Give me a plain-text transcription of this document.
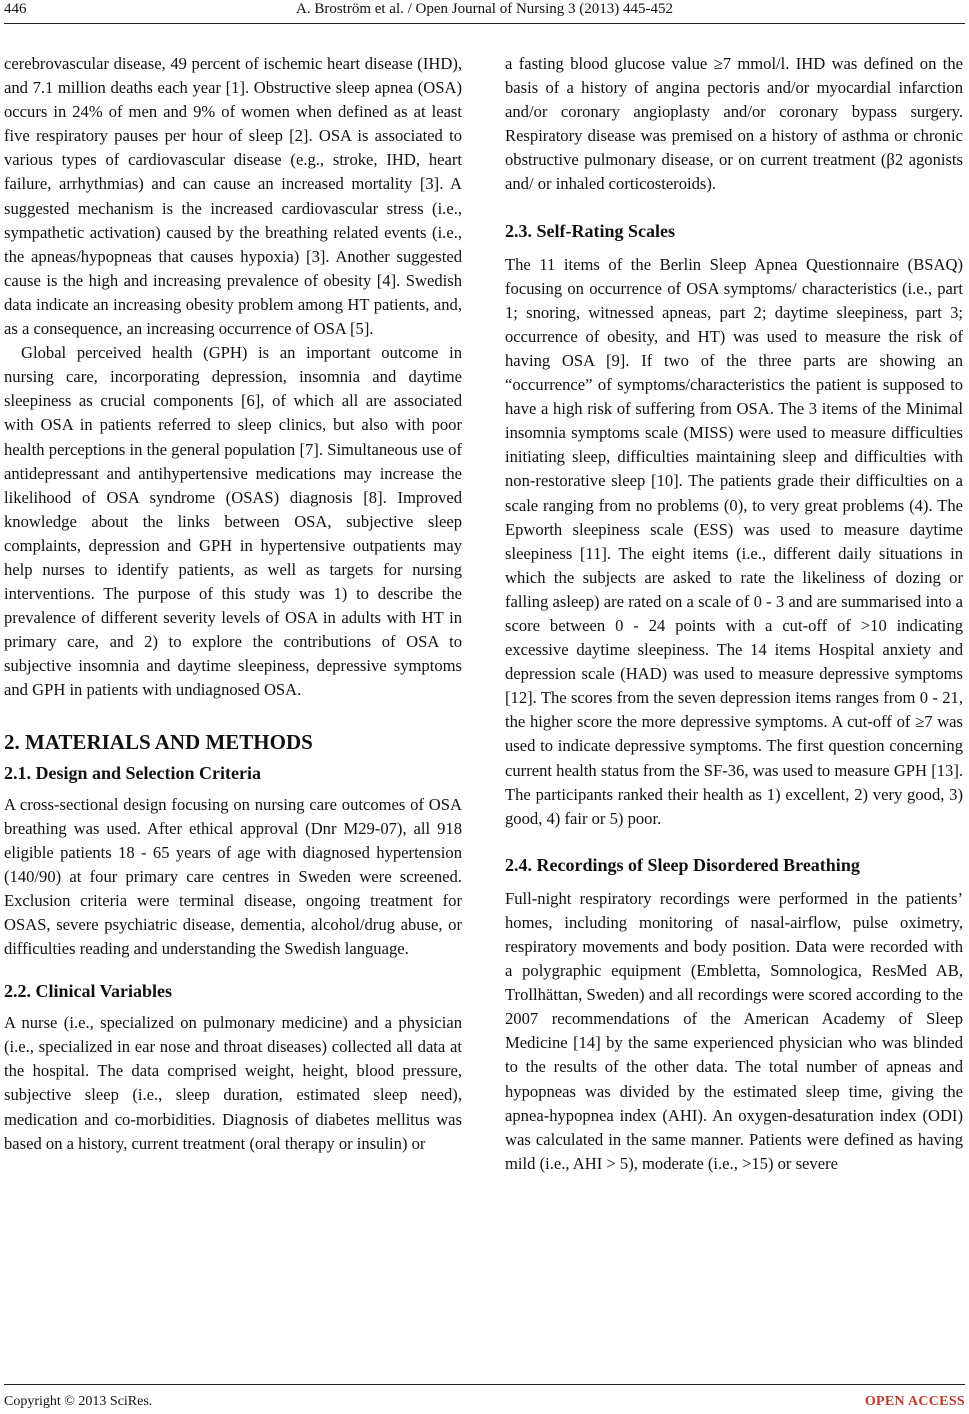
446	A. Broström et al. / Open Journal of Nursing 3 (2013) 445-452

cerebrovascular disease, 49 percent of ischemic heart disease (IHD), and 7.1 million deaths each year [1]. Obstructive sleep apnea (OSA) occurs in 24% of men and 9% of women when defined as at least five respiratory pauses per hour of sleep [2]. OSA is associated to various types of cardiovascular disease (e.g., stroke, IHD, heart failure, arrhythmias) and can cause an increased mortality [3]. A suggested mechanism is the increased cardiovascular stress (i.e., sympathetic activation) caused by the breathing related events (i.e., the apneas/hypopneas that causes hypoxia) [3]. Another suggested cause is the high and increasing prevalence of obesity [4]. Swedish data indicate an increasing obesity problem among HT patients, and, as a consequence, an increasing occurrence of OSA [5].

Global perceived health (GPH) is an important outcome in nursing care, incorporating depression, insomnia and daytime sleepiness as crucial components [6], of which all are associated with OSA in patients referred to sleep clinics, but also with poor health perceptions in the general population [7]. Simultaneous use of antidepressant and antihypertensive medications may increase the likelihood of OSA syndrome (OSAS) diagnosis [8]. Improved knowledge about the links between OSA, subjective sleep complaints, depression and GPH in hypertensive outpatients may help nurses to identify patients, as well as targets for nursing interventions. The purpose of this study was 1) to describe the prevalence of different severity levels of OSA in adults with HT in primary care, and 2) to explore the contributions of OSA to subjective insomnia and daytime sleepiness, depressive symptoms and GPH in patients with undiagnosed OSA.

2. MATERIALS AND METHODS
2.1. Design and Selection Criteria

A cross-sectional design focusing on nursing care outcomes of OSA breathing was used. After ethical approval (Dnr M29-07), all 918 eligible patients 18 - 65 years of age with diagnosed hypertension (140/90) at four primary care centres in Sweden were screened. Exclusion criteria were terminal disease, ongoing treatment for OSAS, severe psychiatric disease, dementia, alcohol/drug abuse, or difficulties reading and understanding the Swedish language.

2.2. Clinical Variables

A nurse (i.e., specialized on pulmonary medicine) and a physician (i.e., specialized in ear nose and throat diseases) collected all data at the hospital. The data comprised weight, height, blood pressure, subjective sleep (i.e., sleep duration, estimated sleep need), medication and co-morbidities. Diagnosis of diabetes mellitus was based on a history, current treatment (oral therapy or insulin) or

a fasting blood glucose value ≥7 mmol/l. IHD was defined on the basis of a history of angina pectoris and/or myocardial infarction and/or coronary angioplasty and/or coronary bypass surgery. Respiratory disease was premised on a history of asthma or chronic obstructive pulmonary disease, or on current treatment (β2 agonists and/ or inhaled corticosteroids).

2.3. Self-Rating Scales

The 11 items of the Berlin Sleep Apnea Questionnaire (BSAQ) focusing on occurrence of OSA symptoms/ characteristics (i.e., part 1; snoring, witnessed apneas, part 2; daytime sleepiness, part 3; occurrence of obesity, and HT) was used to measure the risk of having OSA [9]. If two of the three parts are showing an “occurrence” of symptoms/characteristics the patient is supposed to have a high risk of suffering from OSA. The 3 items of the Minimal insomnia symptoms scale (MISS) were used to measure difficulties initiating sleep, difficulties maintaining sleep and difficulties with non-restorative sleep [10]. The patients grade their difficulties on a scale ranging from no problems (0), to very great problems (4). The Epworth sleepiness scale (ESS) was used to measure daytime sleepiness [11]. The eight items (i.e., different daily situations in which the subjects are asked to rate the likeliness of dozing or falling asleep) are rated on a scale of 0 - 3 and are summarised into a score between 0 - 24 points with a cut-off of >10 indicating excessive daytime sleepiness. The 14 items Hospital anxiety and depression scale (HAD) was used to measure depressive symptoms [12]. The scores from the seven depression items ranges from 0 - 21, the higher score the more depressive symptoms. A cut-off of ≥7 was used to indicate depressive symptoms. The first question concerning current health status from the SF-36, was used to measure GPH [13]. The participants ranked their health as 1) excellent, 2) very good, 3) good, 4) fair or 5) poor.

2.4. Recordings of Sleep Disordered Breathing

Full-night respiratory recordings were performed in the patients’ homes, including monitoring of nasal-airflow, pulse oximetry, respiratory movements and body position. Data were recorded with a polygraphic equipment (Embletta, Somnologica, ResMed AB, Trollhättan, Sweden) and all recordings were scored according to the 2007 recommendations of the American Academy of Sleep Medicine [14] by the same experienced physician who was blinded to the results of the other data. The total number of apneas and hypopneas was divided by the estimated sleep time, giving the apnea-hypopnea index (AHI). An oxygen-desaturation index (ODI) was calculated in the same manner. Patients were defined as having mild (i.e., AHI > 5), moderate (i.e., >15) or severe

Copyright © 2013 SciRes.	OPEN ACCESS
